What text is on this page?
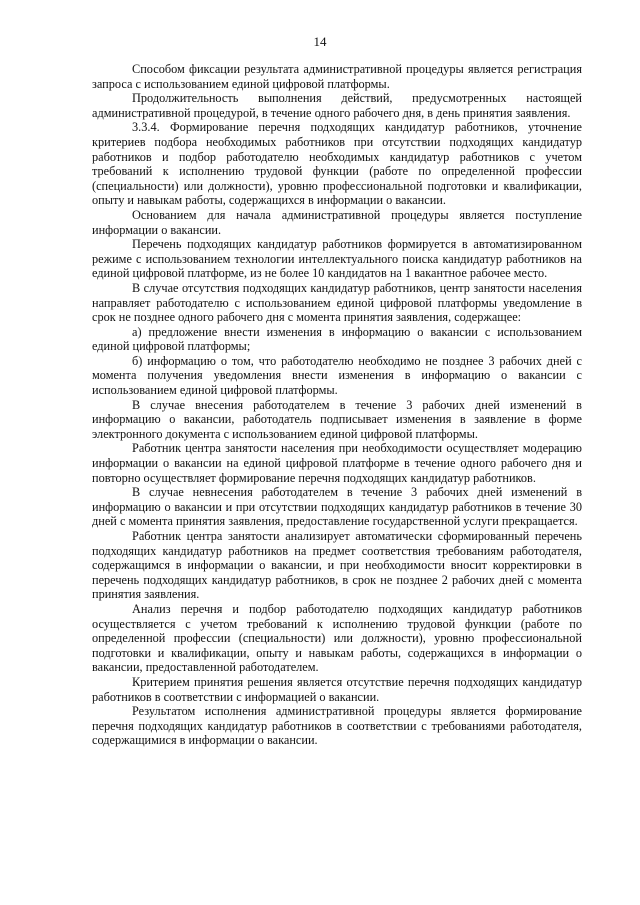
14

Способом фиксации результата административной процедуры является регистрация запроса с использованием единой цифровой платформы.

Продолжительность выполнения действий, предусмотренных настоящей административной процедурой, в течение одного рабочего дня, в день принятия заявления.

3.3.4. Формирование перечня подходящих кандидатур работников, уточнение критериев подбора необходимых работников при отсутствии подходящих кандидатур работников и подбор работодателю необходимых кандидатур работников с учетом требований к исполнению трудовой функции (работе по определенной профессии (специальности) или должности), уровню профессиональной подготовки и квалификации, опыту и навыкам работы, содержащихся в информации о вакансии.

Основанием для начала административной процедуры является поступление информации о вакансии.

Перечень подходящих кандидатур работников формируется в автоматизированном режиме с использованием технологии интеллектуального поиска кандидатур работников на единой цифровой платформе, из не более 10 кандидатов на 1 вакантное рабочее место.

В случае отсутствия подходящих кандидатур работников, центр занятости населения направляет работодателю с использованием единой цифровой платформы уведомление в срок не позднее одного рабочего дня с момента принятия заявления, содержащее:

а) предложение внести изменения в информацию о вакансии с использованием единой цифровой платформы;

б) информацию о том, что работодателю необходимо не позднее 3 рабочих дней с момента получения уведомления внести изменения в информацию о вакансии с использованием единой цифровой платформы.

В случае внесения работодателем в течение 3 рабочих дней изменений в информацию о вакансии, работодатель подписывает изменения в заявление в форме электронного документа с использованием единой цифровой платформы.

Работник центра занятости населения при необходимости осуществляет модерацию информации о вакансии на единой цифровой платформе в течение одного рабочего дня и повторно осуществляет формирование перечня подходящих кандидатур работников.

В случае невнесения работодателем в течение 3 рабочих дней изменений в информацию о вакансии и при отсутствии подходящих кандидатур работников в течение 30 дней с момента принятия заявления, предоставление государственной услуги прекращается.

Работник центра занятости анализирует автоматически сформированный перечень подходящих кандидатур работников на предмет соответствия требованиям работодателя, содержащимся в информации о вакансии, и при необходимости вносит корректировки в перечень подходящих кандидатур работников, в срок не позднее 2 рабочих дней с момента принятия заявления.

Анализ перечня и подбор работодателю подходящих кандидатур работников осуществляется с учетом требований к исполнению трудовой функции (работе по определенной профессии (специальности) или должности), уровню профессиональной подготовки и квалификации, опыту и навыкам работы, содержащихся в информации о вакансии, предоставленной работодателем.

Критерием принятия решения является отсутствие перечня подходящих кандидатур работников в соответствии с информацией о вакансии.

Результатом исполнения административной процедуры является формирование перечня подходящих кандидатур работников в соответствии с требованиями работодателя, содержащимися в информации о вакансии.
